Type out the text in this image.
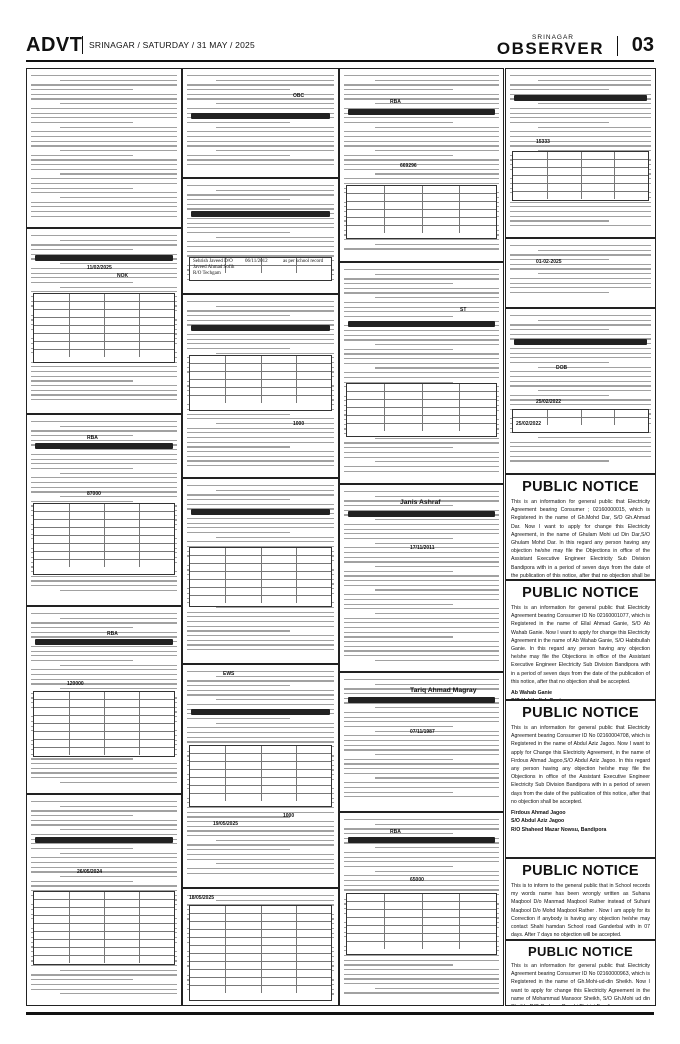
ADVT SRINAGAR / SATURDAY / 31 MAY / 2025
SRINAGAR
OBSERVER 03
11/02/2025
NOK
RBA
87000
RBA
120000
26/05/2024
OBC
Sehrish Javeed D/O
Javeed Ahmad Sofih
R/O Techgam
06/11/2012	as per school record
1000
EWS
1000
19/05/2025
18/05/2025
RBA
669296
ST
Janis Ashraf
17/11/2011
Tariq Ahmad Magray
07/11/1987
RBA
65000
15333
01-02-2025
DOB
25/02/2022
25/02/2022
PUBLIC NOTICE

This is an information for general public that Electricity Agreement bearing Consumer ; 02160000015, which is Registered in the name of Gh.Mohd Dar, S/O Gh.Ahmad Dar. Now I want to apply for change this Electricity Agreement, in the name of Ghulam Mohi ud Din Dar,S/O Ghulam Mohd Dar. In this regard any person having any objection he/she may file the Objections in office of the Assistant Executive Engineer Electricity Sub Division Bandipora with in a period of seven days from the date of the publication of this notice, after that no objection shall be

PUBLIC NOTICE

This is an information for general public that Electricity Agreement bearing Consumer ID No 02160001077, which is Registered in the name of Ellal Ahmad Ganie, S/O Ab Wahab Ganie. Now I want to apply for change this Electricity Agreement in the name of Ab Wahab Ganie, S/O Habibullah Ganie. In this regard any person having any objection he/she may file the Objections in office of the Assistant Executive Engineer Electricity Sub Division Bandipora with in a period of seven days from the date of the publication of this notice, after that no objection shall be accepted.

Ab Wahab Ganie
PUBLIC NOTICE

This is an information for general public that Electricity Agreement bearing Consumer ID No 02160004708, which is Registered in the name of Abdul Aziz Jagoo. Now I want to apply for Change this Electricity Agreement, in the name of Firdous Ahmad Jagoo,S/O Abdul Aziz Jagoo. In this regard any person having any objection he/she may file the Objections in office of the Assistant Executive Engineer Electricity Sub Division Bandipora with in a period of seven days from the date of the publication of this notice, after that no objection shall be accepted.

Firdous Ahmad Jagoo
S/O Abdul Aziz Jagoo
R/O Shaheed Mazar Nowsu, Bandipora
PUBLIC NOTICE

This is to inform to the general public that in School records my words name has been wrongly written as Suhana Maqbool D/o Manmad Maqbool Rather instead of Suhani Maqbool D/o Mohd Maqbool Rather . Now I am apply for its Correction if anybody is having any objection he/she may contact Shahi hamdan School road Ganderbal with in 07 days. After 7 days no objection will be accepted.

PUBLIC NOTICE

This is an information for general public that Electricity Agreement bearing Consumer ID No 02160000963, which is Registered in the name of Gh.Mohi-ud-din Sheikh. Now I want to apply for change this Electricity Agreement in the name of Mohammad Mansoor Sheikh, S/O Gh.Mohi ud din
